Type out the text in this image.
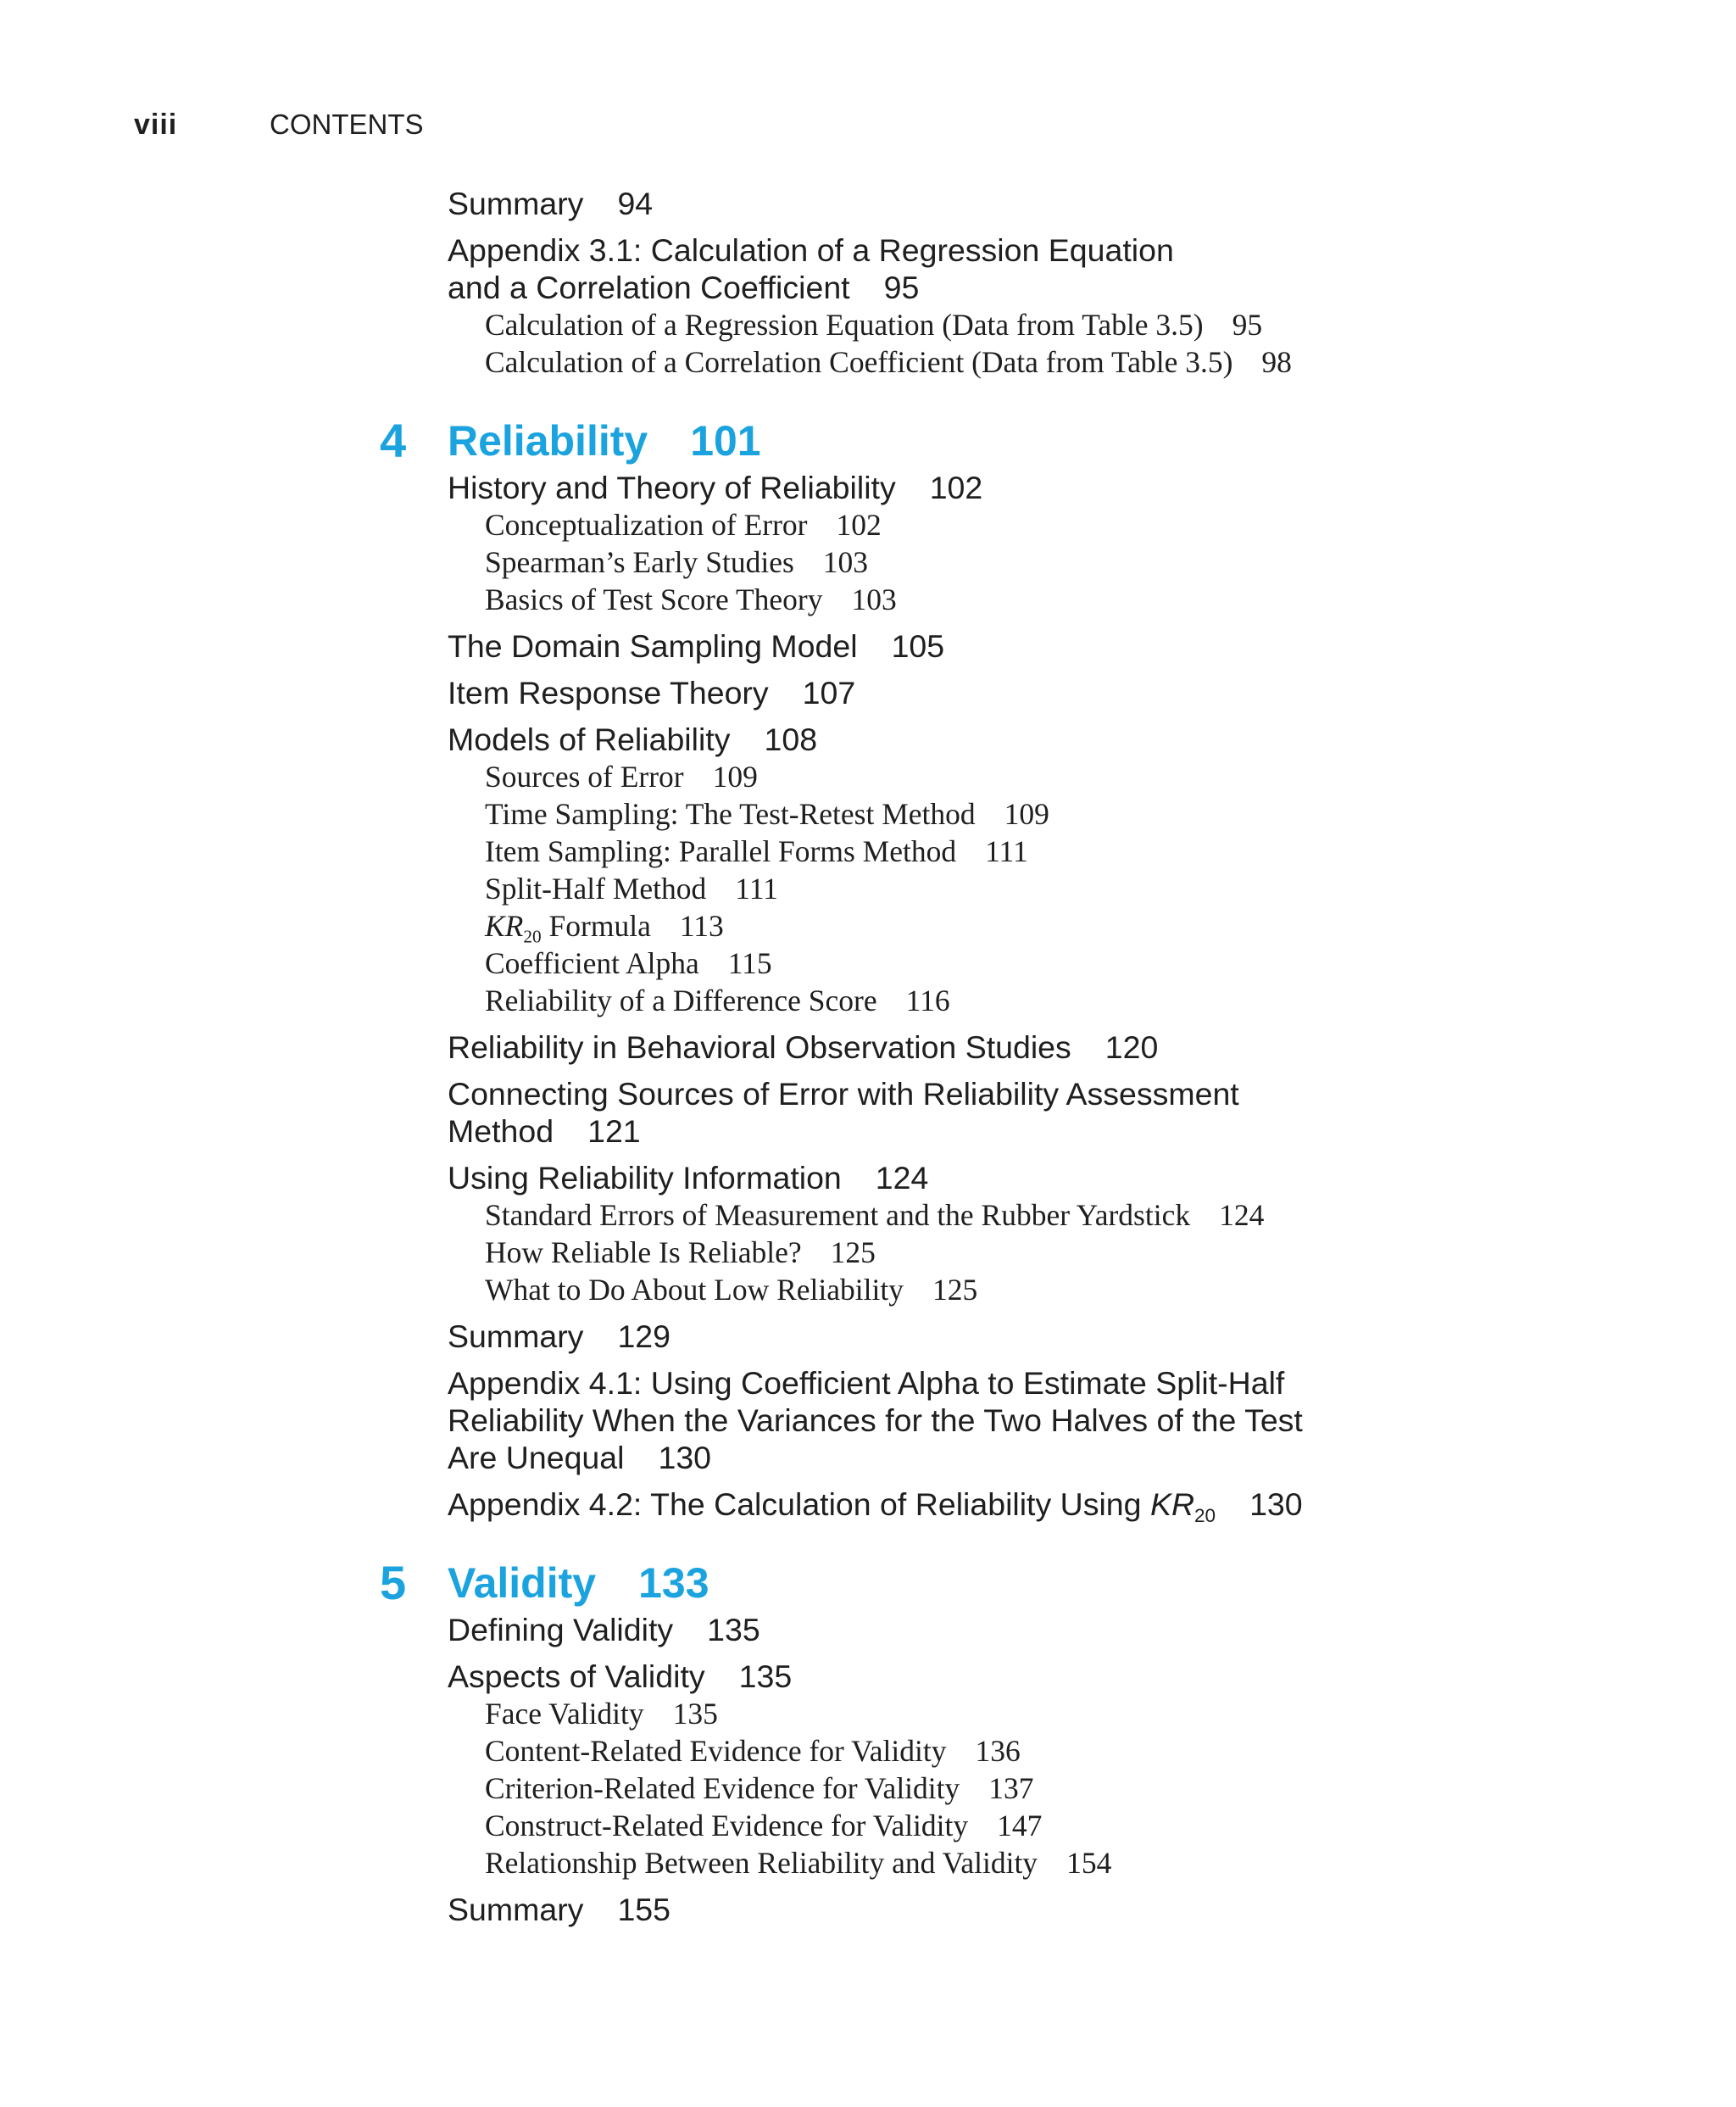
viii	CONTENTS
Summary 94
Appendix 3.1: Calculation of a Regression Equation
and a Correlation Coefficient 95
Calculation of a Regression Equation (Data from Table 3.5) 95
Calculation of a Correlation Coefficient (Data from Table 3.5) 98
4 Reliability 101
History and Theory of Reliability 102
Conceptualization of Error 102
Spearman’s Early Studies 103
Basics of Test Score Theory 103
The Domain Sampling Model 105
Item Response Theory 107
Models of Reliability 108
Sources of Error 109
Time Sampling: The Test-Retest Method 109
Item Sampling: Parallel Forms Method 111
Split-Half Method 111
$KR_{20}$ Formula 113
Coefficient Alpha 115
Reliability of a Difference Score 116
Reliability in Behavioral Observation Studies 120
Connecting Sources of Error with Reliability Assessment
Method 121
Using Reliability Information 124
Standard Errors of Measurement and the Rubber Yardstick 124
How Reliable Is Reliable? 125
What to Do About Low Reliability 125
Summary 129
Appendix 4.1: Using Coefficient Alpha to Estimate Split-Half
Reliability When the Variances for the Two Halves of the Test
Are Unequal 130
Appendix 4.2: The Calculation of Reliability Using $KR_{20}$ 130
5 Validity 133
Defining Validity 135
Aspects of Validity 135
Face Validity 135
Content-Related Evidence for Validity 136
Criterion-Related Evidence for Validity 137
Construct-Related Evidence for Validity 147
Relationship Between Reliability and Validity 154
Summary 155
